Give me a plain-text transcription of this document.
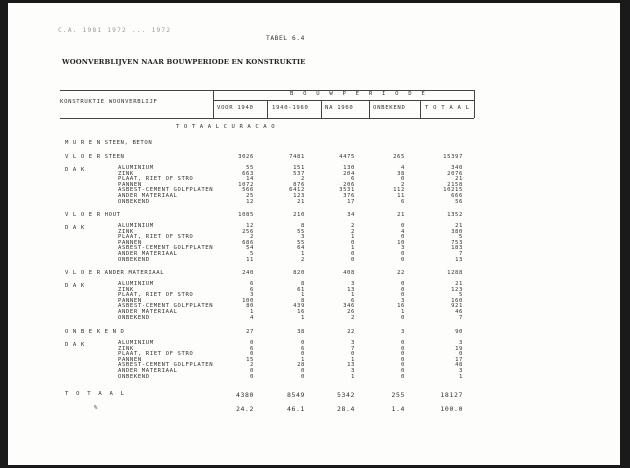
C.A. 1981 1972 ... 1972
TABEL 6.4
WOONVERBLIJVEN NAAR BOUWPERIODE EN KONSTRUKTIE
KONSTRUKTIE WOONVERBLIJF
B O U W P E R I O D E
VOOR 1940	1940-1960	NA 1960	ONBEKEND	T O T A A L
T O T A A L C U R A C A O
M U R E N STEEN, BETON
V L O E R STEEN	3026	7481	4475	265	15397
D A K	ALUMINIUM	55	151	130	4	340
ZINK	663	537	204	38	2076
PLAAT, RIET OF STRO	14	2	6	0	21
PANNEN	1072	876	206	2	2158
ASBEST-CEMENT GOLFPLATEN	566	6412	3531	112	10215
ANDER MATERIAAL	25	123	376	11	666
ONBEKEND	12	21	17	6	56
V L O E R HOUT	1085	210	34	21	1352
D A K	ALUMINIUM	12	8	2	0	21
ZINK	256	55	2	4	380
PLAAT, RIET OF STRO	2	3	1	0	5
PANNEN	686	55	0	10	753
ASBEST-CEMENT GOLFPLATEN	54	64	1	3	183
ANDER MATERIAAL	5	1	0	0	7
ONBEKEND	11	2	0	0	13
V L O E R ANDER MATERIAAL	240	820	408	22	1288
D A K	ALUMINIUM	6	8	3	0	21
ZINK	6	61	13	0	123
PLAAT, RIET OF STRO	3	1	1	0	5
PANNEN	100	8	6	3	160
ASBEST-CEMENT GOLFPLATEN	80	439	346	16	921
ANDER MATERIAAL	1	16	26	1	46
ONBEKEND	4	1	2	0	7
O N B E K E N D	27	38	22	3	90
D A K	ALUMINIUM	0	0	3	0	3
ZINK	6	6	7	0	19
PLAAT, RIET OF STRO	0	0	0	0	0
PANNEN	15	1	1	0	17
ASBEST-CEMENT GOLFPLATEN	2	28	13	0	48
ANDER MATERIAAL	0	0	3	0	3
ONBEKEND	0	0	1	0	1
T O T A A L	4380	8549	5342	255	18127
%	24.2	46.1	28.4	1.4	100.0
